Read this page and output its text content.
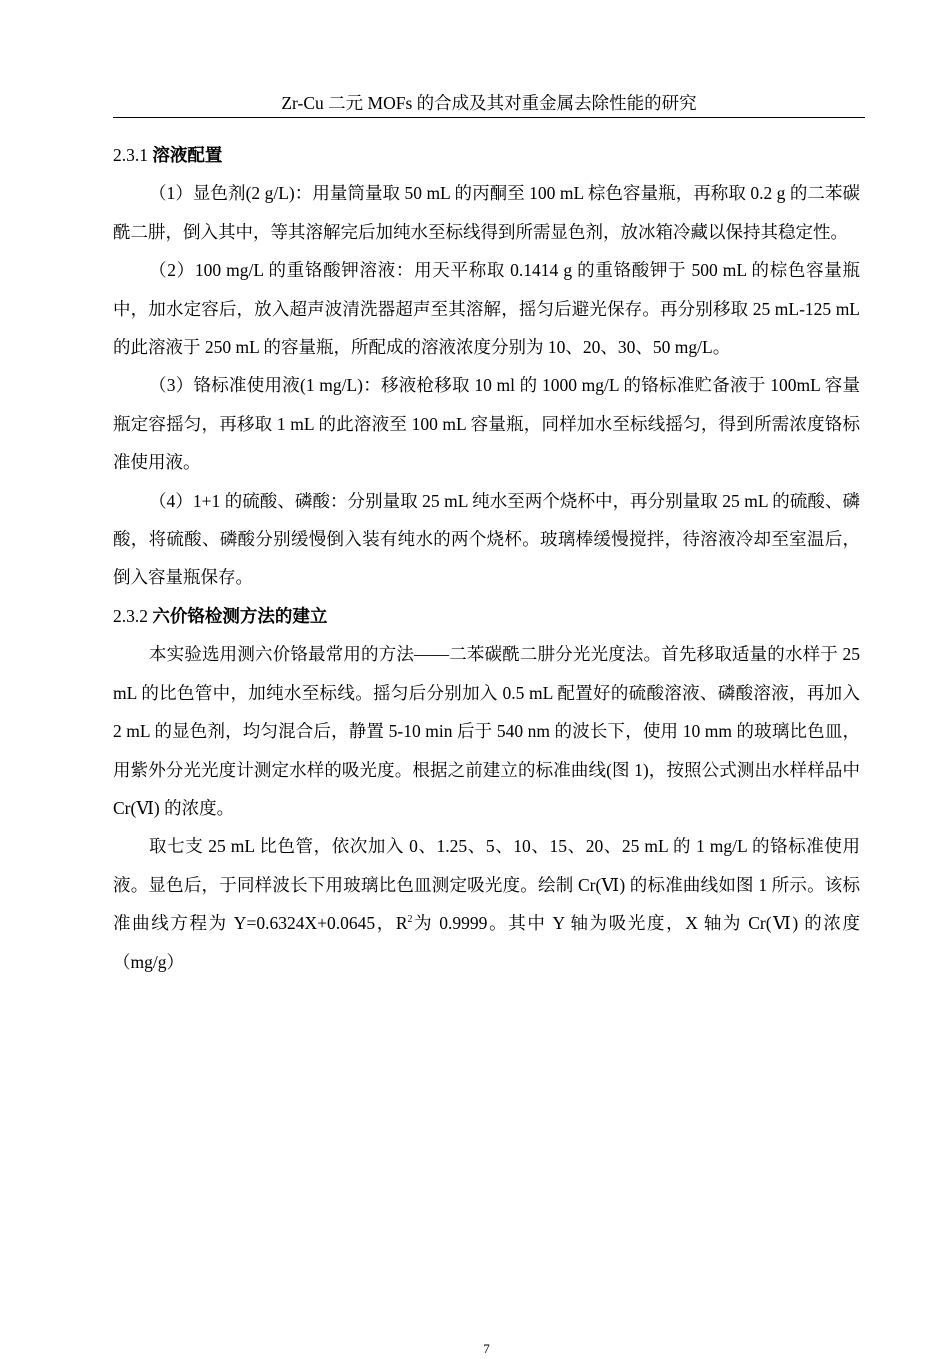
Zr-Cu 二元 MOFs 的合成及其对重金属去除性能的研究
2.3.1 溶液配置

（1）显色剂(2 g/L)：用量筒量取 50 mL 的丙酮至 100 mL 棕色容量瓶，再称取 0.2 g 的二苯碳酰二肼，倒入其中，等其溶解完后加纯水至标线得到所需显色剂，放冰箱冷藏以保持其稳定性。

（2）100 mg/L 的重铬酸钾溶液：用天平称取 0.1414 g 的重铬酸钾于 500 mL 的棕色容量瓶中，加水定容后，放入超声波清洗器超声至其溶解，摇匀后避光保存。再分别移取 25 mL-125 mL 的此溶液于 250 mL 的容量瓶，所配成的溶液浓度分别为 10、20、30、50 mg/L。

（3）铬标准使用液(1 mg/L)：移液枪移取 10 ml 的 1000 mg/L 的铬标准贮备液于 100mL 容量瓶定容摇匀，再移取 1 mL 的此溶液至 100 mL 容量瓶，同样加水至标线摇匀，得到所需浓度铬标准使用液。

（4）1+1 的硫酸、磷酸：分别量取 25 mL 纯水至两个烧杯中，再分别量取 25 mL 的硫酸、磷酸，将硫酸、磷酸分别缓慢倒入装有纯水的两个烧杯。玻璃棒缓慢搅拌，待溶液冷却至室温后，倒入容量瓶保存。

2.3.2 六价铬检测方法的建立

本实验选用测六价铬最常用的方法——二苯碳酰二肼分光光度法。首先移取适量的水样于 25 mL 的比色管中，加纯水至标线。摇匀后分别加入 0.5 mL 配置好的硫酸溶液、磷酸溶液，再加入 2 mL 的显色剂，均匀混合后，静置 5-10 min 后于 540 nm 的波长下，使用 10 mm 的玻璃比色皿，用紫外分光光度计测定水样的吸光度。根据之前建立的标准曲线(图 1)，按照公式测出水样样品中 Cr(Ⅵ) 的浓度。

取七支 25 mL 比色管，依次加入 0、1.25、5、10、15、20、25 mL 的 1 mg/L 的铬标准使用液。显色后，于同样波长下用玻璃比色皿测定吸光度。绘制 Cr(Ⅵ) 的标准曲线如图 1 所示。该标准曲线方程为 Y=0.6324X+0.0645，$R^2$为 0.9999。其中 Y 轴为吸光度，X 轴为 Cr(Ⅵ) 的浓度（mg/g）

7
